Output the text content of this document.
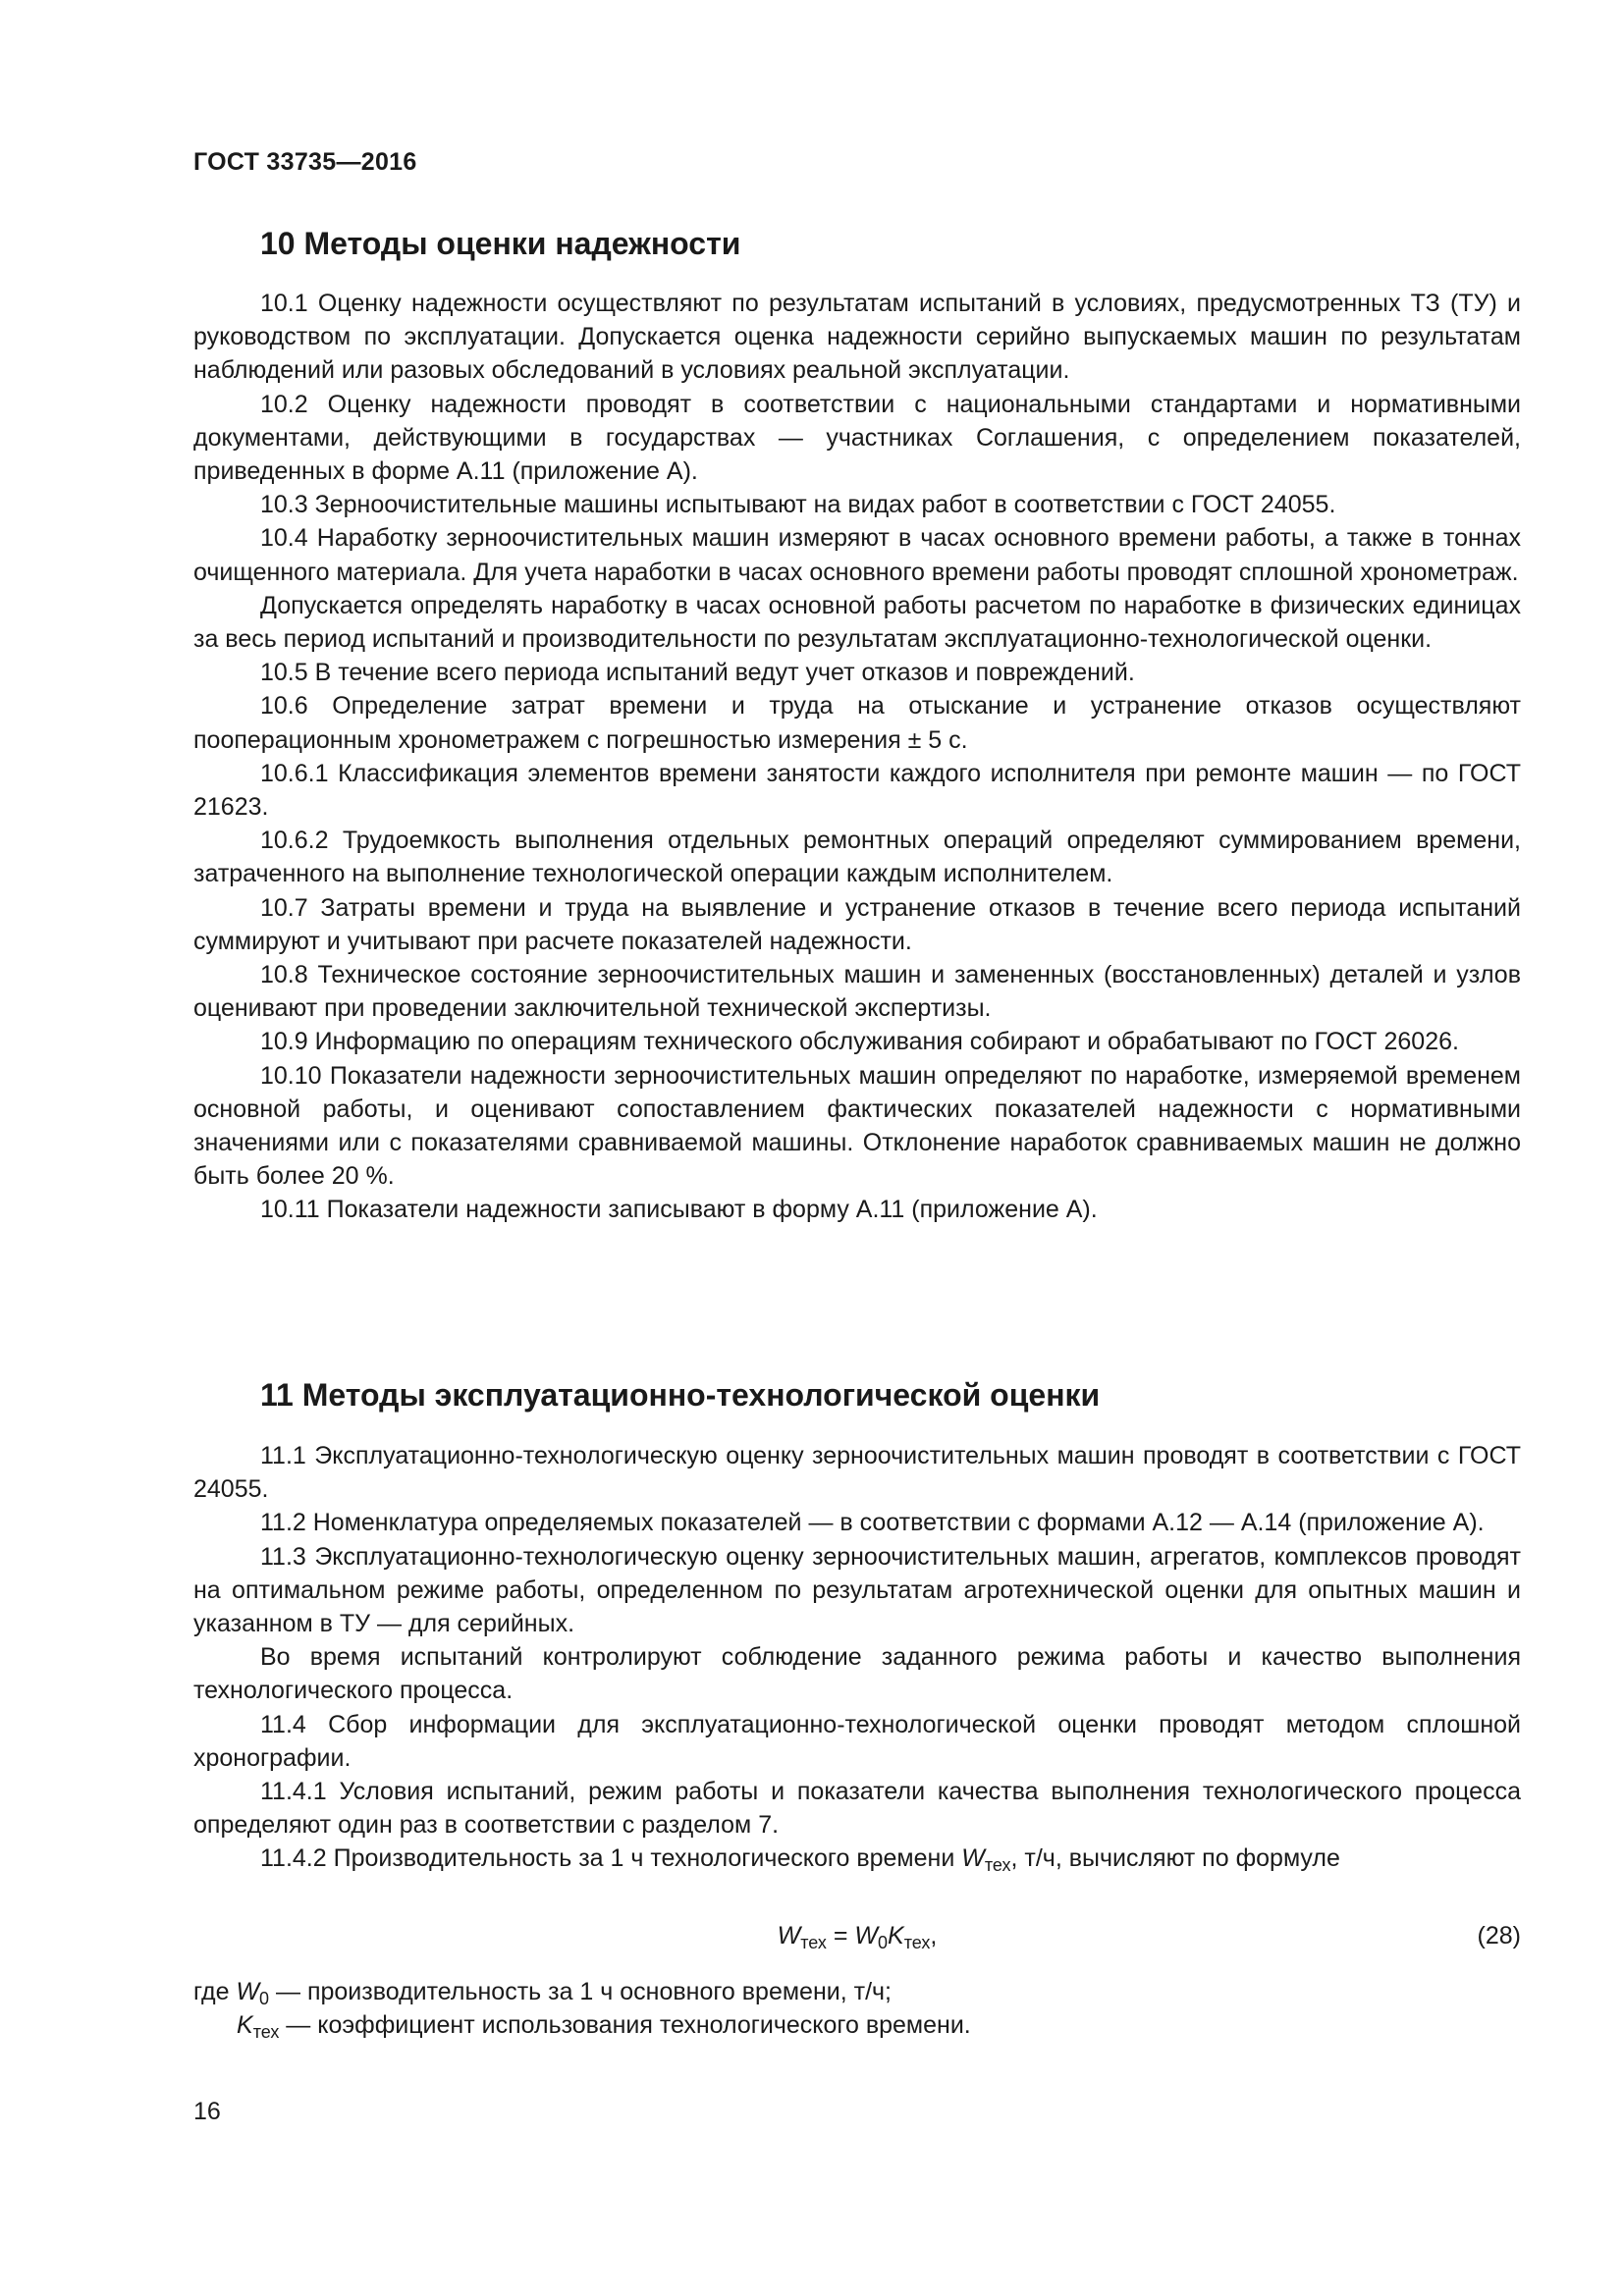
ГОСТ 33735—2016
10 Методы оценки надежности

10.1 Оценку надежности осуществляют по результатам испытаний в условиях, предусмотренных ТЗ (ТУ) и руководством по эксплуатации. Допускается оценка надежности серийно выпускаемых машин по результатам наблюдений или разовых обследований в условиях реальной эксплуатации.

10.2 Оценку надежности проводят в соответствии с национальными стандартами и нормативными документами, действующими в государствах — участниках Соглашения, с определением показателей, приведенных в форме А.11 (приложение А).

10.3 Зерноочистительные машины испытывают на видах работ в соответствии с ГОСТ 24055.

10.4 Наработку зерноочистительных машин измеряют в часах основного времени работы, а также в тоннах очищенного материала. Для учета наработки в часах основного времени работы проводят сплошной хронометраж.

Допускается определять наработку в часах основной работы расчетом по наработке в физических единицах за весь период испытаний и производительности по результатам эксплуатационно-технологической оценки.

10.5 В течение всего периода испытаний ведут учет отказов и повреждений.

10.6 Определение затрат времени и труда на отыскание и устранение отказов осуществляют пооперационным хронометражем с погрешностью измерения ± 5 с.

10.6.1 Классификация элементов времени занятости каждого исполнителя при ремонте машин — по ГОСТ 21623.

10.6.2 Трудоемкость выполнения отдельных ремонтных операций определяют суммированием времени, затраченного на выполнение технологической операции каждым исполнителем.

10.7 Затраты времени и труда на выявление и устранение отказов в течение всего периода испытаний суммируют и учитывают при расчете показателей надежности.

10.8 Техническое состояние зерноочистительных машин и замененных (восстановленных) деталей и узлов оценивают при проведении заключительной технической экспертизы.

10.9 Информацию по операциям технического обслуживания собирают и обрабатывают по ГОСТ 26026.

10.10 Показатели надежности зерноочистительных машин определяют по наработке, измеряемой временем основной работы, и оценивают сопоставлением фактических показателей надежности с нормативными значениями или с показателями сравниваемой машины. Отклонение наработок сравниваемых машин не должно быть более 20 %.

10.11 Показатели надежности записывают в форму А.11 (приложение А).

11 Методы эксплуатационно-технологической оценки

11.1 Эксплуатационно-технологическую оценку зерноочистительных машин проводят в соответствии с ГОСТ 24055.

11.2 Номенклатура определяемых показателей — в соответствии с формами А.12 — А.14 (приложение А).

11.3 Эксплуатационно-технологическую оценку зерноочистительных машин, агрегатов, комплексов проводят на оптимальном режиме работы, определенном по результатам агротехнической оценки для опытных машин и указанном в ТУ — для серийных.

Во время испытаний контролируют соблюдение заданного режима работы и качество выполнения технологического процесса.

11.4 Сбор информации для эксплуатационно-технологической оценки проводят методом сплошной хронографии.

11.4.1 Условия испытаний, режим работы и показатели качества выполнения технологического процесса определяют один раз в соответствии с разделом 7.

11.4.2 Производительность за 1 ч технологического времени $W_{тех}$, т/ч, вычисляют по формуле

$W_{тех} = W_0K_{тех}$,	(28)
где $W_0$ — производительность за 1 ч основного времени, т/ч;
$K_{тех}$ — коэффициент использования технологического времени.
16
